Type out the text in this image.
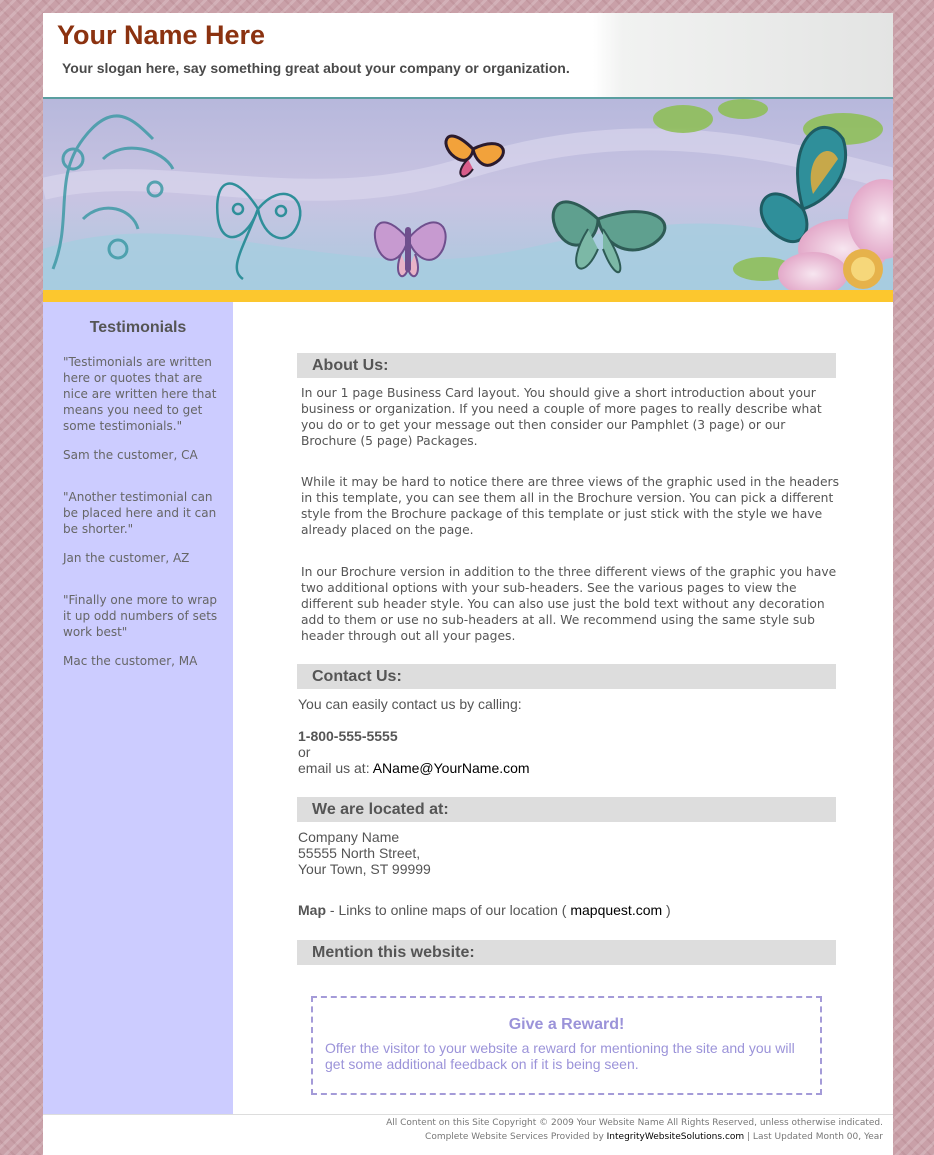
Your Name Here
Your slogan here, say something great about your company or organization.
Testimonials
"Testimonials are written here or quotes that are nice are written here that means you need to get some testimonials."
Sam the customer, CA
"Another testimonial can be placed here and it can be shorter."
Jan the customer, AZ
"Finally one more to wrap it up odd numbers of sets work best"
Mac the customer, MA
About Us:
In our 1 page Business Card layout. You should give a short introduction about your business or organization. If you need a couple of more pages to really describe what you do or to get your message out then consider our Pamphlet (3 page) or our Brochure (5 page) Packages.
While it may be hard to notice there are three views of the graphic used in the headers in this template, you can see them all in the Brochure version. You can pick a different style from the Brochure package of this template or just stick with the style we have already placed on the page.
In our Brochure version in addition to the three different views of the graphic you have two additional options with your sub-headers. See the various pages to view the different sub header style. You can also use just the bold text without any decoration add to them or use no sub-headers at all. We recommend using the same style sub header through out all your pages.
Contact Us:
You can easily contact us by calling:
1-800-555-5555
or
email us at: AName@YourName.com
We are located at:
Company Name
55555 North Street,
Your Town, ST 99999
Map - Links to online maps of our location ( mapquest.com )
Mention this website:
Give a Reward!
Offer the visitor to your website a reward for mentioning the site and you will get some additional feedback on if it is being seen.
All Content on this Site Copyright © 2009 Your Website Name All Rights Reserved, unless otherwise indicated.
Complete Website Services Provided by IntegrityWebsiteSolutions.com | Last Updated Month 00, Year
